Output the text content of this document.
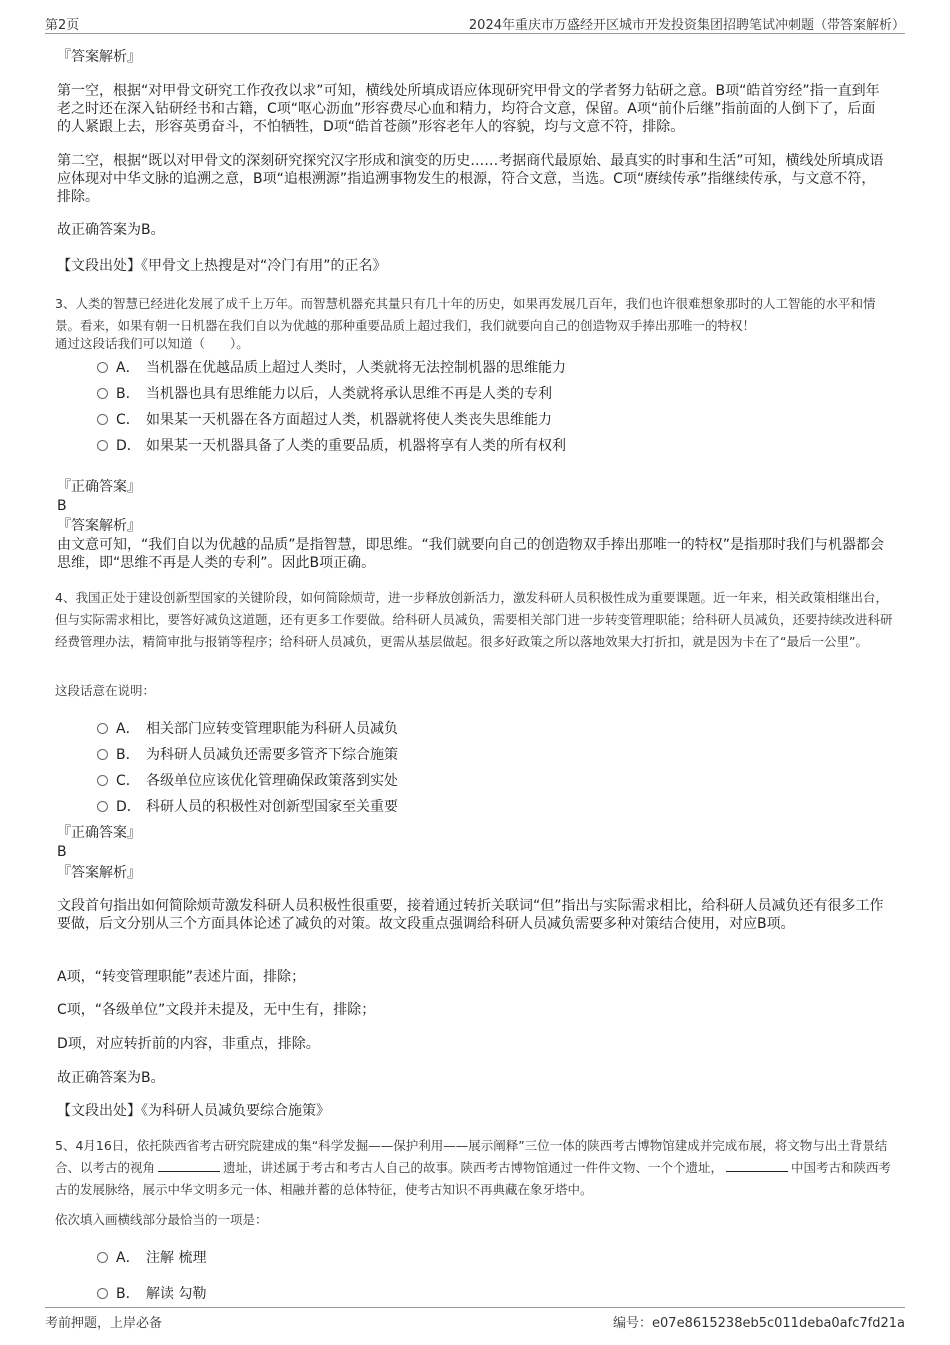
第2页	2024年重庆市万盛经开区城市开发投资集团招聘笔试冲刺题（带答案解析）
『答案解析』
第一空，根据“对甲骨文研究工作孜孜以求”可知，横线处所填成语应体现研究甲骨文的学者努力钻研之意。B项“皓首穷经”指一直到年老之时还在深入钻研经书和古籍，C项“呕心沥血”形容费尽心血和精力，均符合文意，保留。A项“前仆后继”指前面的人倒下了，后面的人紧跟上去，形容英勇奋斗，不怕牺牲，D项“皓首苍颜”形容老年人的容貌，均与文意不符，排除。
第二空，根据“既以对甲骨文的深刻研究探究汉字形成和演变的历史……考据商代最原始、最真实的时事和生活”可知，横线处所填成语应体现对中华文脉的追溯之意，B项“追根溯源”指追溯事物发生的根源，符合文意，当选。C项“赓续传承”指继续传承，与文意不符，排除。
故正确答案为B。
【文段出处】《甲骨文上热搜是对“冷门有用”的正名》
3、人类的智慧已经进化发展了成千上万年。而智慧机器充其量只有几十年的历史，如果再发展几百年，我们也许很难想象那时的人工智能的水平和情景。看来，如果有朝一日机器在我们自以为优越的那种重要品质上超过我们，我们就要向自己的创造物双手捧出那唯一的特权！
通过这段话我们可以知道（　　）。
A． 当机器在优越品质上超过人类时，人类就将无法控制机器的思维能力
B． 当机器也具有思维能力以后，人类就将承认思维不再是人类的专利
C． 如果某一天机器在各方面超过人类，机器就将使人类丧失思维能力
D． 如果某一天机器具备了人类的重要品质，机器将享有人类的所有权利
『正确答案』
B
『答案解析』
由文意可知，“我们自以为优越的品质”是指智慧，即思维。“我们就要向自己的创造物双手捧出那唯一的特权”是指那时我们与机器都会思维，即“思维不再是人类的专利”。因此B项正确。
4、我国正处于建设创新型国家的关键阶段，如何简除烦苛，进一步释放创新活力，激发科研人员积极性成为重要课题。近一年来，相关政策相继出台，但与实际需求相比，要答好减负这道题，还有更多工作要做。给科研人员减负，需要相关部门进一步转变管理职能；给科研人员减负，还要持续改进科研经费管理办法，精简审批与报销等程序；给科研人员减负，更需从基层做起。很多好政策之所以落地效果大打折扣，就是因为卡在了“最后一公里”。
这段话意在说明：
A． 相关部门应转变管理职能为科研人员减负
B． 为科研人员减负还需要多管齐下综合施策
C． 各级单位应该优化管理确保政策落到实处
D． 科研人员的积极性对创新型国家至关重要
『正确答案』
B
『答案解析』
文段首句指出如何简除烦苛激发科研人员积极性很重要，接着通过转折关联词“但”指出与实际需求相比，给科研人员减负还有很多工作要做，后文分别从三个方面具体论述了减负的对策。故文段重点强调给科研人员减负需要多种对策结合使用，对应B项。
A项，“转变管理职能”表述片面，排除；
C项，“各级单位”文段并未提及，无中生有，排除；
D项，对应转折前的内容，非重点，排除。
故正确答案为B。
【文段出处】《为科研人员减负要综合施策》
5、4月16日，依托陕西省考古研究院建成的集“科学发掘——保护利用——展示阐释”三位一体的陕西考古博物馆建成并完成布展，将文物与出土背景结合、以考古的视角	遗址，讲述属于考古和考古人自己的故事。陕西考古博物馆通过一件件文物、一个个遗址，	中国考古和陕西考古的发展脉络，展示中华文明多元一体、相融并蓄的总体特征，使考古知识不再典藏在象牙塔中。
依次填入画横线部分最恰当的一项是：
A． 注解 梳理
B． 解读 勾勒
考前押题，上岸必备	编号：e07e8615238eb5c011deba0afc7fd21a
